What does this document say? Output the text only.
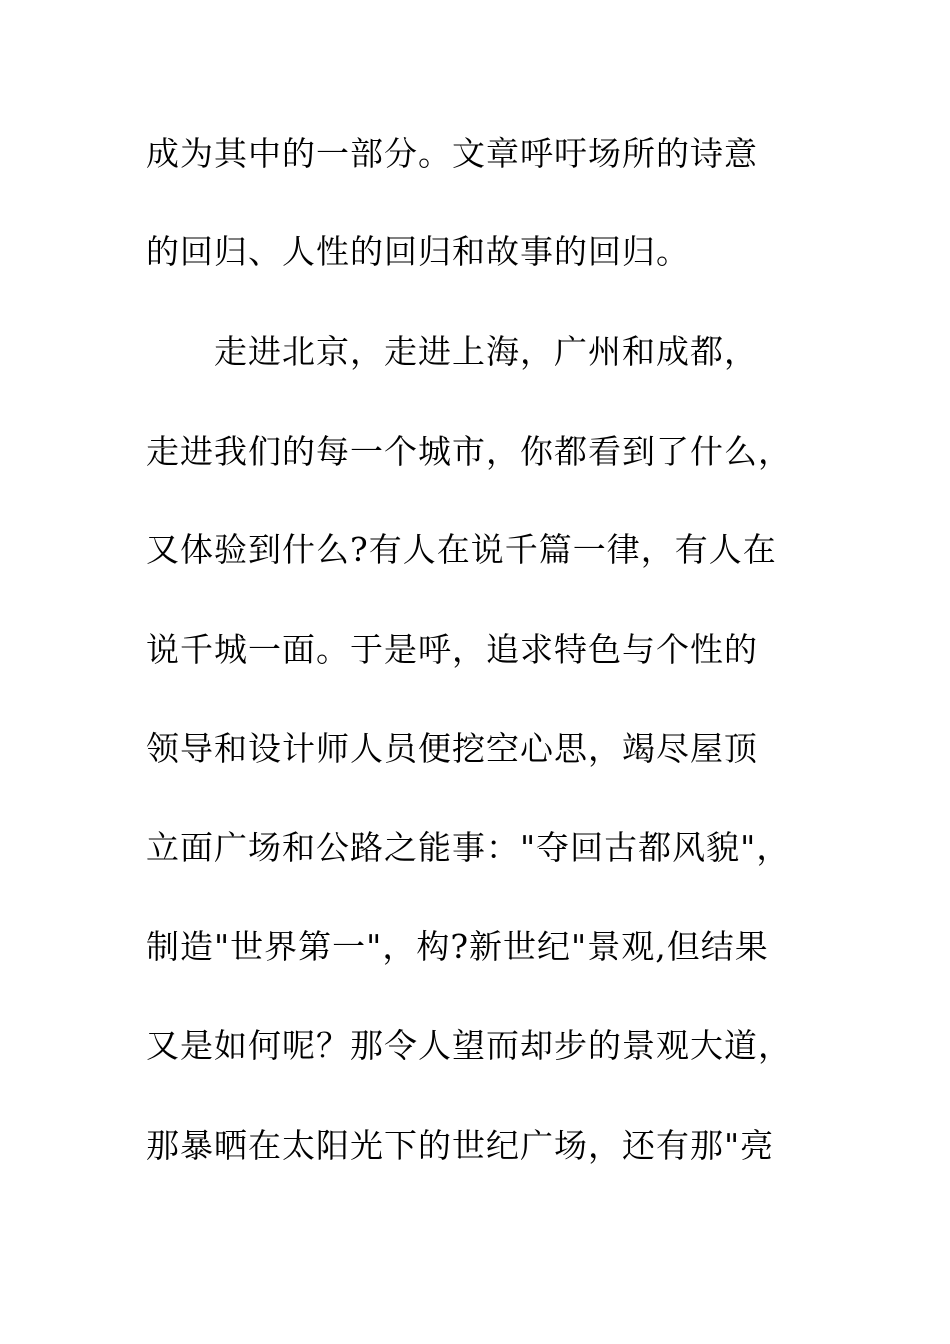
成为其中的一部分。文章呼吁场所的诗意
的回归、人性的回归和故事的回归。
走进北京，走进上海，广州和成都，
走进我们的每一个城市，你都看到了什么，
又体验到什么?有人在说千篇一律，有人在
说千城一面。于是呼，追求特色与个性的
领导和设计师人员便挖空心思，竭尽屋顶
立面广场和公路之能事："夺回古都风貌"，
制造"世界第一"，构?新世纪"景观,但结果
又是如何呢？那令人望而却步的景观大道，
那暴晒在太阳光下的世纪广场，还有那"亮
